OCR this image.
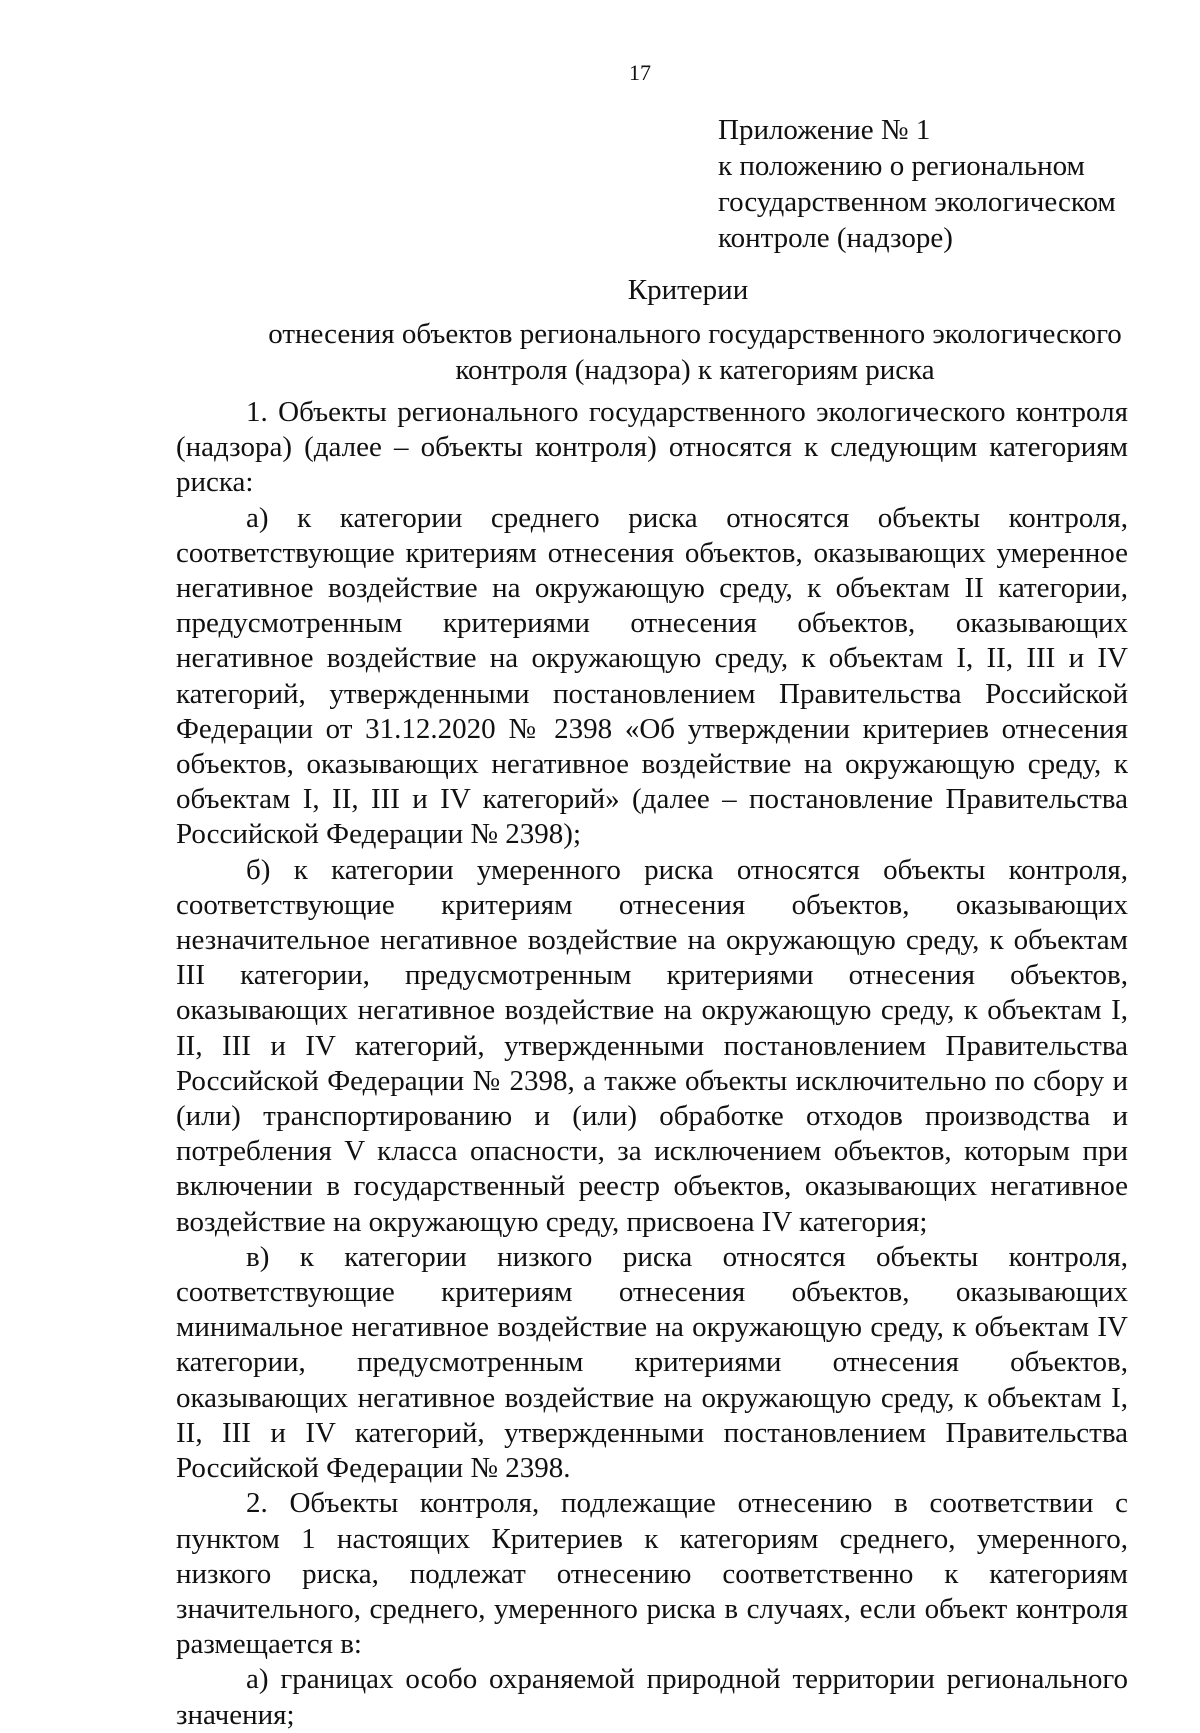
17
Приложение № 1
к положению о региональном
государственном экологическом
контроле (надзоре)
Критерии
отнесения объектов регионального государственного экологического
контроля (надзора) к категориям риска

1. Объекты регионального государственного экологического контроля (надзора) (далее – объекты контроля) относятся к следующим категориям риска:

а) к категории среднего риска относятся объекты контроля, соответствующие критериям отнесения объектов, оказывающих умеренное негативное воздействие на окружающую среду, к объектам II категории, предусмотренным критериями отнесения объектов, оказывающих негативное воздействие на окружающую среду, к объектам I, II, III и IV категорий, утвержденными постановлением Правительства Российской Федерации от 31.12.2020 № 2398 «Об утверждении критериев отнесения объектов, оказывающих негативное воздействие на окружающую среду, к объектам I, II, III и IV категорий» (далее – постановление Правительства Российской Федерации № 2398);

б) к категории умеренного риска относятся объекты контроля, соответствующие критериям отнесения объектов, оказывающих незначительное негативное воздействие на окружающую среду, к объектам III категории, предусмотренным критериями отнесения объектов, оказывающих негативное воздействие на окружающую среду, к объектам I, II, III и IV категорий, утвержденными постановлением Правительства Российской Федерации № 2398, а также объекты исключительно по сбору и (или) транспортированию и (или) обработке отходов производства и потребления V класса опасности, за исключением объектов, которым при включении в государственный реестр объектов, оказывающих негативное воздействие на окружающую среду, присвоена IV категория;

в) к категории низкого риска относятся объекты контроля, соответствующие критериям отнесения объектов, оказывающих минимальное негативное воздействие на окружающую среду, к объектам IV категории, предусмотренным критериями отнесения объектов, оказывающих негативное воздействие на окружающую среду, к объектам I, II, III и IV категорий, утвержденными постановлением Правительства Российской Федерации № 2398.

2. Объекты контроля, подлежащие отнесению в соответствии с пунктом 1 настоящих Критериев к категориям среднего, умеренного, низкого риска, подлежат отнесению соответственно к категориям значительного, среднего, умеренного риска в случаях, если объект контроля размещается в:

а) границах особо охраняемой природной территории регионального значения;
